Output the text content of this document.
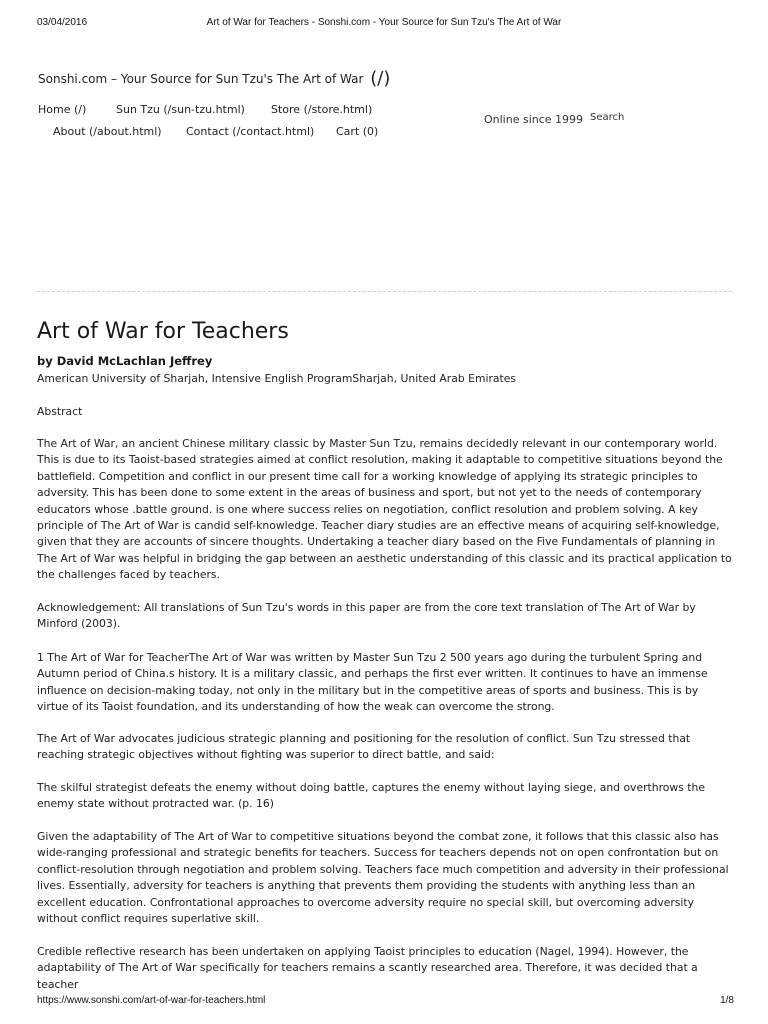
03/04/2016	Art of War for Teachers - Sonshi.com - Your Source for Sun Tzu's The Art of War
Sonshi.com – Your Source for Sun Tzu's The Art of War (/)
Home (/)	Sun Tzu (/sun-tzu.html) Store (/store.html)
About (/about.html) Contact (/contact.html) Cart (0)
Online since 1999 Search
Art of War for Teachers
by David McLachlan Jeffrey
American University of Sharjah, Intensive English ProgramSharjah, United Arab Emirates

Abstract

The Art of War, an ancient Chinese military classic by Master Sun Tzu, remains decidedly relevant in our contemporary world. This is due to its Taoist-based strategies aimed at conflict resolution, making it adaptable to competitive situations beyond the battlefield. Competition and conflict in our present time call for a working knowledge of applying its strategic principles to adversity. This has been done to some extent in the areas of business and sport, but not yet to the needs of contemporary educators whose .battle ground. is one where success relies on negotiation, conflict resolution and problem solving. A key principle of The Art of War is candid self-knowledge. Teacher diary studies are an effective means of acquiring self-knowledge, given that they are accounts of sincere thoughts. Undertaking a teacher diary based on the Five Fundamentals of planning in The Art of War was helpful in bridging the gap between an aesthetic understanding of this classic and its practical application to the challenges faced by teachers.

Acknowledgement: All translations of Sun Tzu's words in this paper are from the core text translation of The Art of War by Minford (2003).

1 The Art of War for TeacherThe Art of War was written by Master Sun Tzu 2 500 years ago during the turbulent Spring and Autumn period of China.s history. It is a military classic, and perhaps the first ever written. It continues to have an immense influence on decision-making today, not only in the military but in the competitive areas of sports and business. This is by virtue of its Taoist foundation, and its understanding of how the weak can overcome the strong.

The Art of War advocates judicious strategic planning and positioning for the resolution of conflict. Sun Tzu stressed that reaching strategic objectives without fighting was superior to direct battle, and said:

The skilful strategist defeats the enemy without doing battle, captures the enemy without laying siege, and overthrows the enemy state without protracted war. (p. 16)

Given the adaptability of The Art of War to competitive situations beyond the combat zone, it follows that this classic also has wide-ranging professional and strategic benefits for teachers. Success for teachers depends not on open confrontation but on conflict-resolution through negotiation and problem solving. Teachers face much competition and adversity in their professional lives. Essentially, adversity for teachers is anything that prevents them providing the students with anything less than an excellent education. Confrontational approaches to overcome adversity require no special skill, but overcoming adversity without conflict requires superlative skill.

Credible reflective research has been undertaken on applying Taoist principles to education (Nagel, 1994). However, the adaptability of The Art of War specifically for teachers remains a scantly researched area. Therefore, it was decided that a teacher

https://www.sonshi.com/art-of-war-for-teachers.html	1/8
